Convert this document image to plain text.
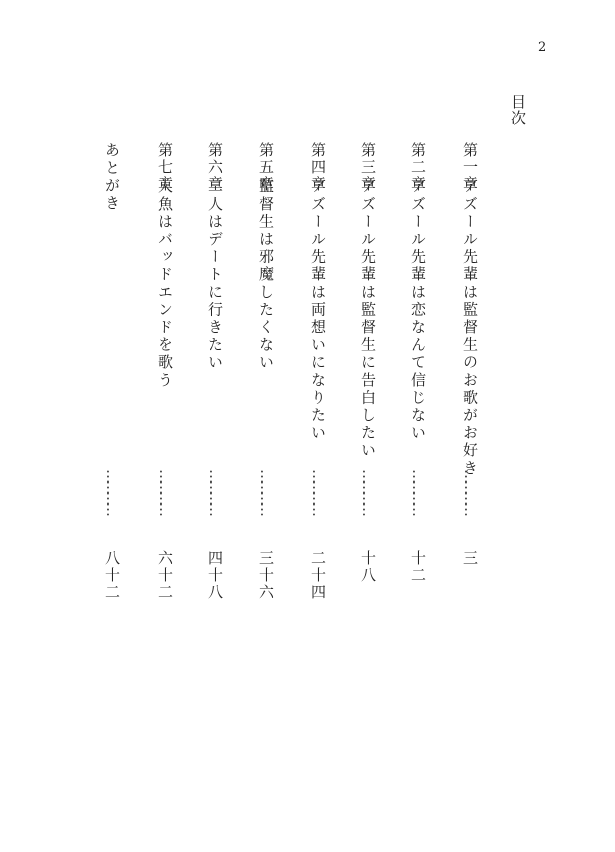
2
目次
第一章
アズール先輩は監督生のお歌がお好き
…………
三
第二章
アズール先輩は恋なんて信じない
…………
十二
第三章
アズール先輩は監督生に告白したい
…………
十八
第四章
アズール先輩は両想いになりたい
…………
二十四
第五章
監督生は邪魔したくない
…………
三十六
第六章
二人はデートに行きたい
…………
四十八
第七章
人魚はバッドエンドを歌う
…………
六十二
あとがき
…………
八十二
